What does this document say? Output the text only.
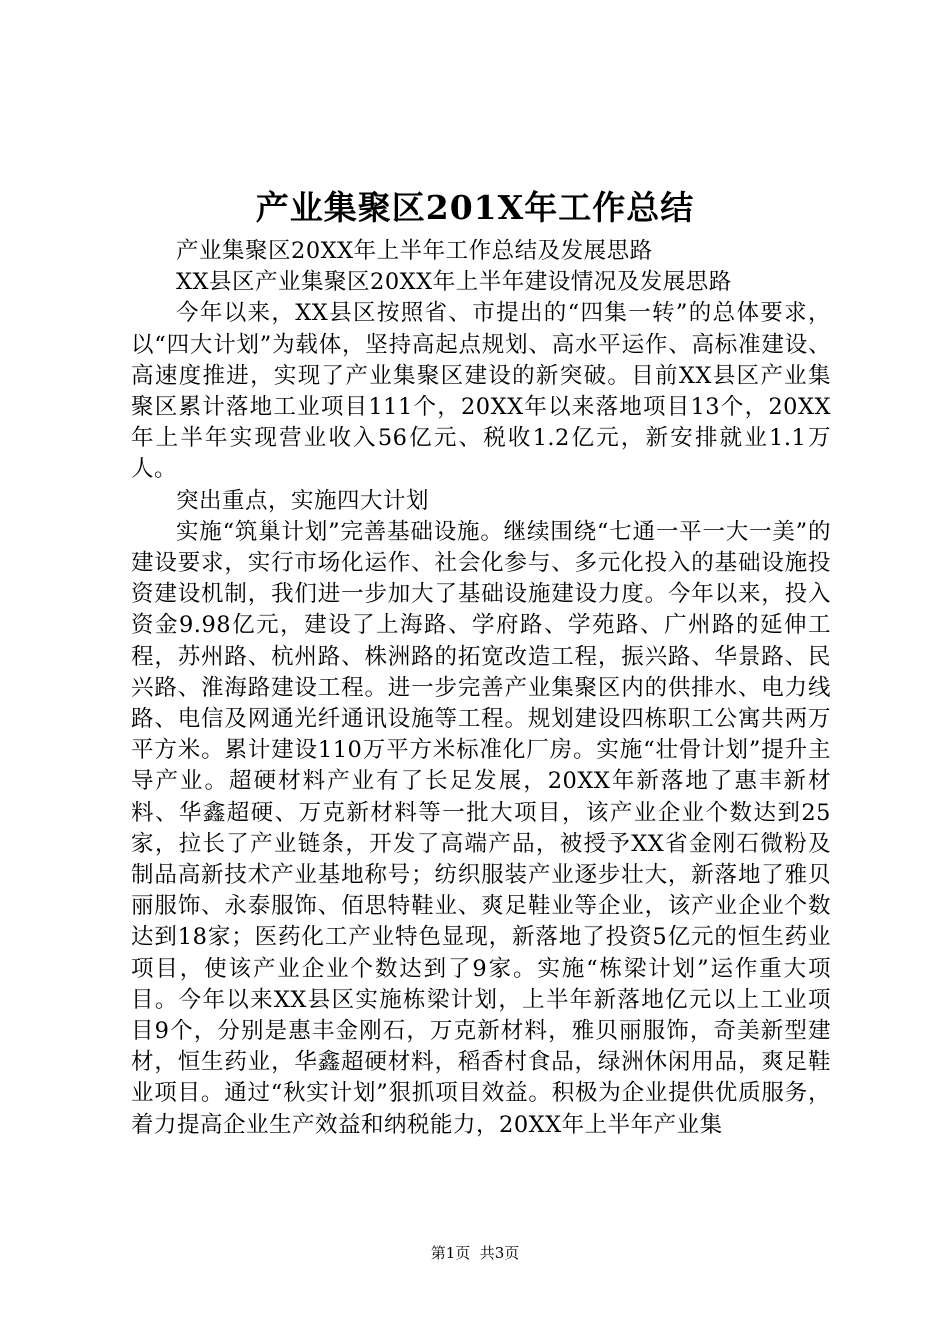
产业集聚区201X年工作总结

产业集聚区20XX年上半年工作总结及发展思路

XX县区产业集聚区20XX年上半年建设情况及发展思路

今年以来，XX县区按照省、市提出的“四集一转”的总体要求，以“四大计划”为载体，坚持高起点规划、高水平运作、高标准建设、高速度推进，实现了产业集聚区建设的新突破。目前XX县区产业集聚区累计落地工业项目111个，20XX年以来落地项目13个，20XX年上半年实现营业收入56亿元、税收1.2亿元，新安排就业1.1万人。

突出重点，实施四大计划

实施“筑巢计划”完善基础设施。继续围绕“七通一平一大一美”的建设要求，实行市场化运作、社会化参与、多元化投入的基础设施投资建设机制，我们进一步加大了基础设施建设力度。今年以来，投入资金9.98亿元，建设了上海路、学府路、学苑路、广州路的延伸工程，苏州路、杭州路、株洲路的拓宽改造工程，振兴路、华景路、民兴路、淮海路建设工程。进一步完善产业集聚区内的供排水、电力线路、电信及网通光纤通讯设施等工程。规划建设四栋职工公寓共两万平方米。累计建设110万平方米标准化厂房。实施“壮骨计划”提升主导产业。超硬材料产业有了长足发展，20XX年新落地了惠丰新材料、华鑫超硬、万克新材料等一批大项目，该产业企业个数达到25家，拉长了产业链条，开发了高端产品，被授予XX省金刚石微粉及制品高新技术产业基地称号；纺织服装产业逐步壮大，新落地了雅贝丽服饰、永泰服饰、佰思特鞋业、爽足鞋业等企业，该产业企业个数达到18家；医药化工产业特色显现，新落地了投资5亿元的恒生药业项目，使该产业企业个数达到了9家。实施“栋梁计划”运作重大项目。今年以来XX县区实施栋梁计划，上半年新落地亿元以上工业项目9个，分别是惠丰金刚石，万克新材料，雅贝丽服饰，奇美新型建材，恒生药业，华鑫超硬材料，稻香村食品，绿洲休闲用品，爽足鞋业项目。通过“秋实计划”狠抓项目效益。积极为企业提供优质服务，着力提高企业生产效益和纳税能力，20XX年上半年产业集

第1页  共3页
